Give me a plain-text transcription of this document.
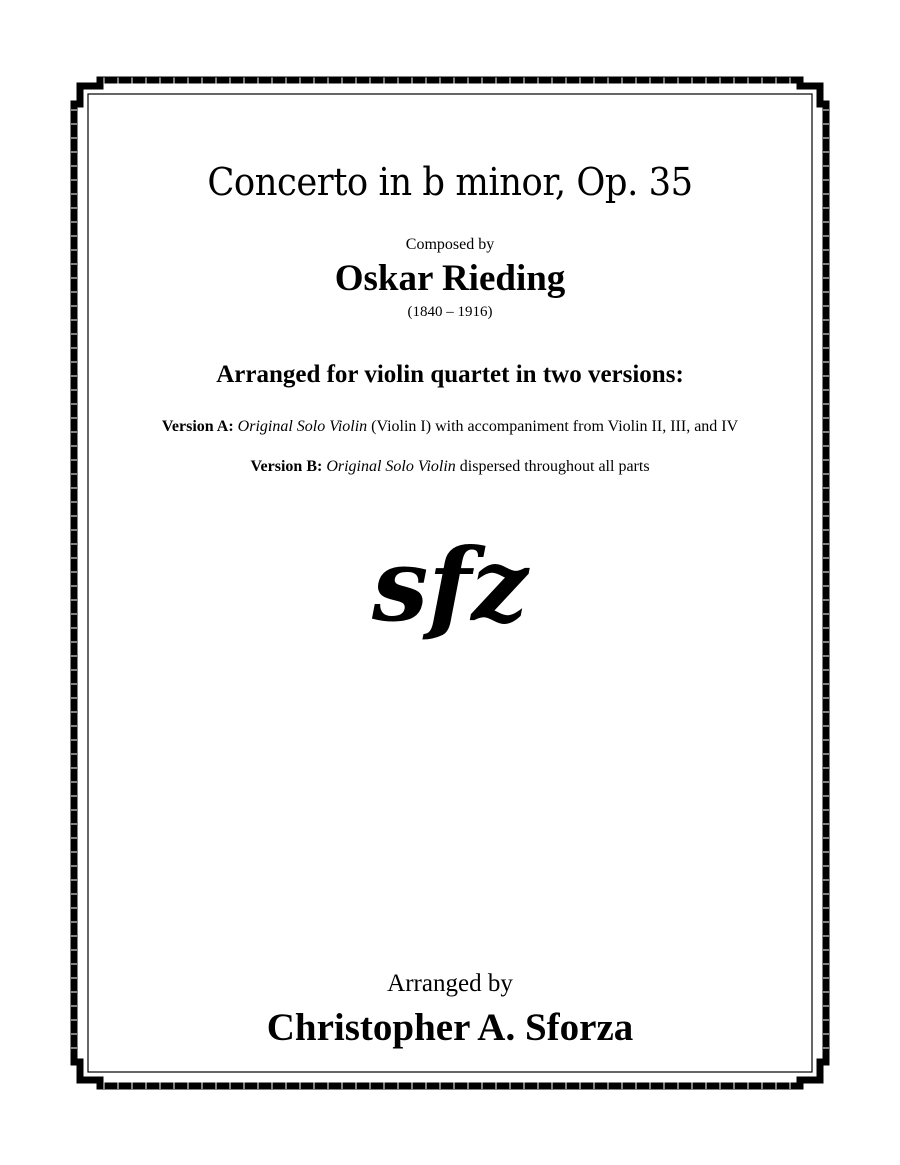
Concerto in b minor, Op. 35
Composed by
Oskar Rieding
(1840 – 1916)
Arranged for violin quartet in two versions:
Version A: Original Solo Violin (Violin I) with accompaniment from Violin II, III, and IV
Version B: Original Solo Violin dispersed throughout all parts
sfz
Arranged by
Christopher A. Sforza
